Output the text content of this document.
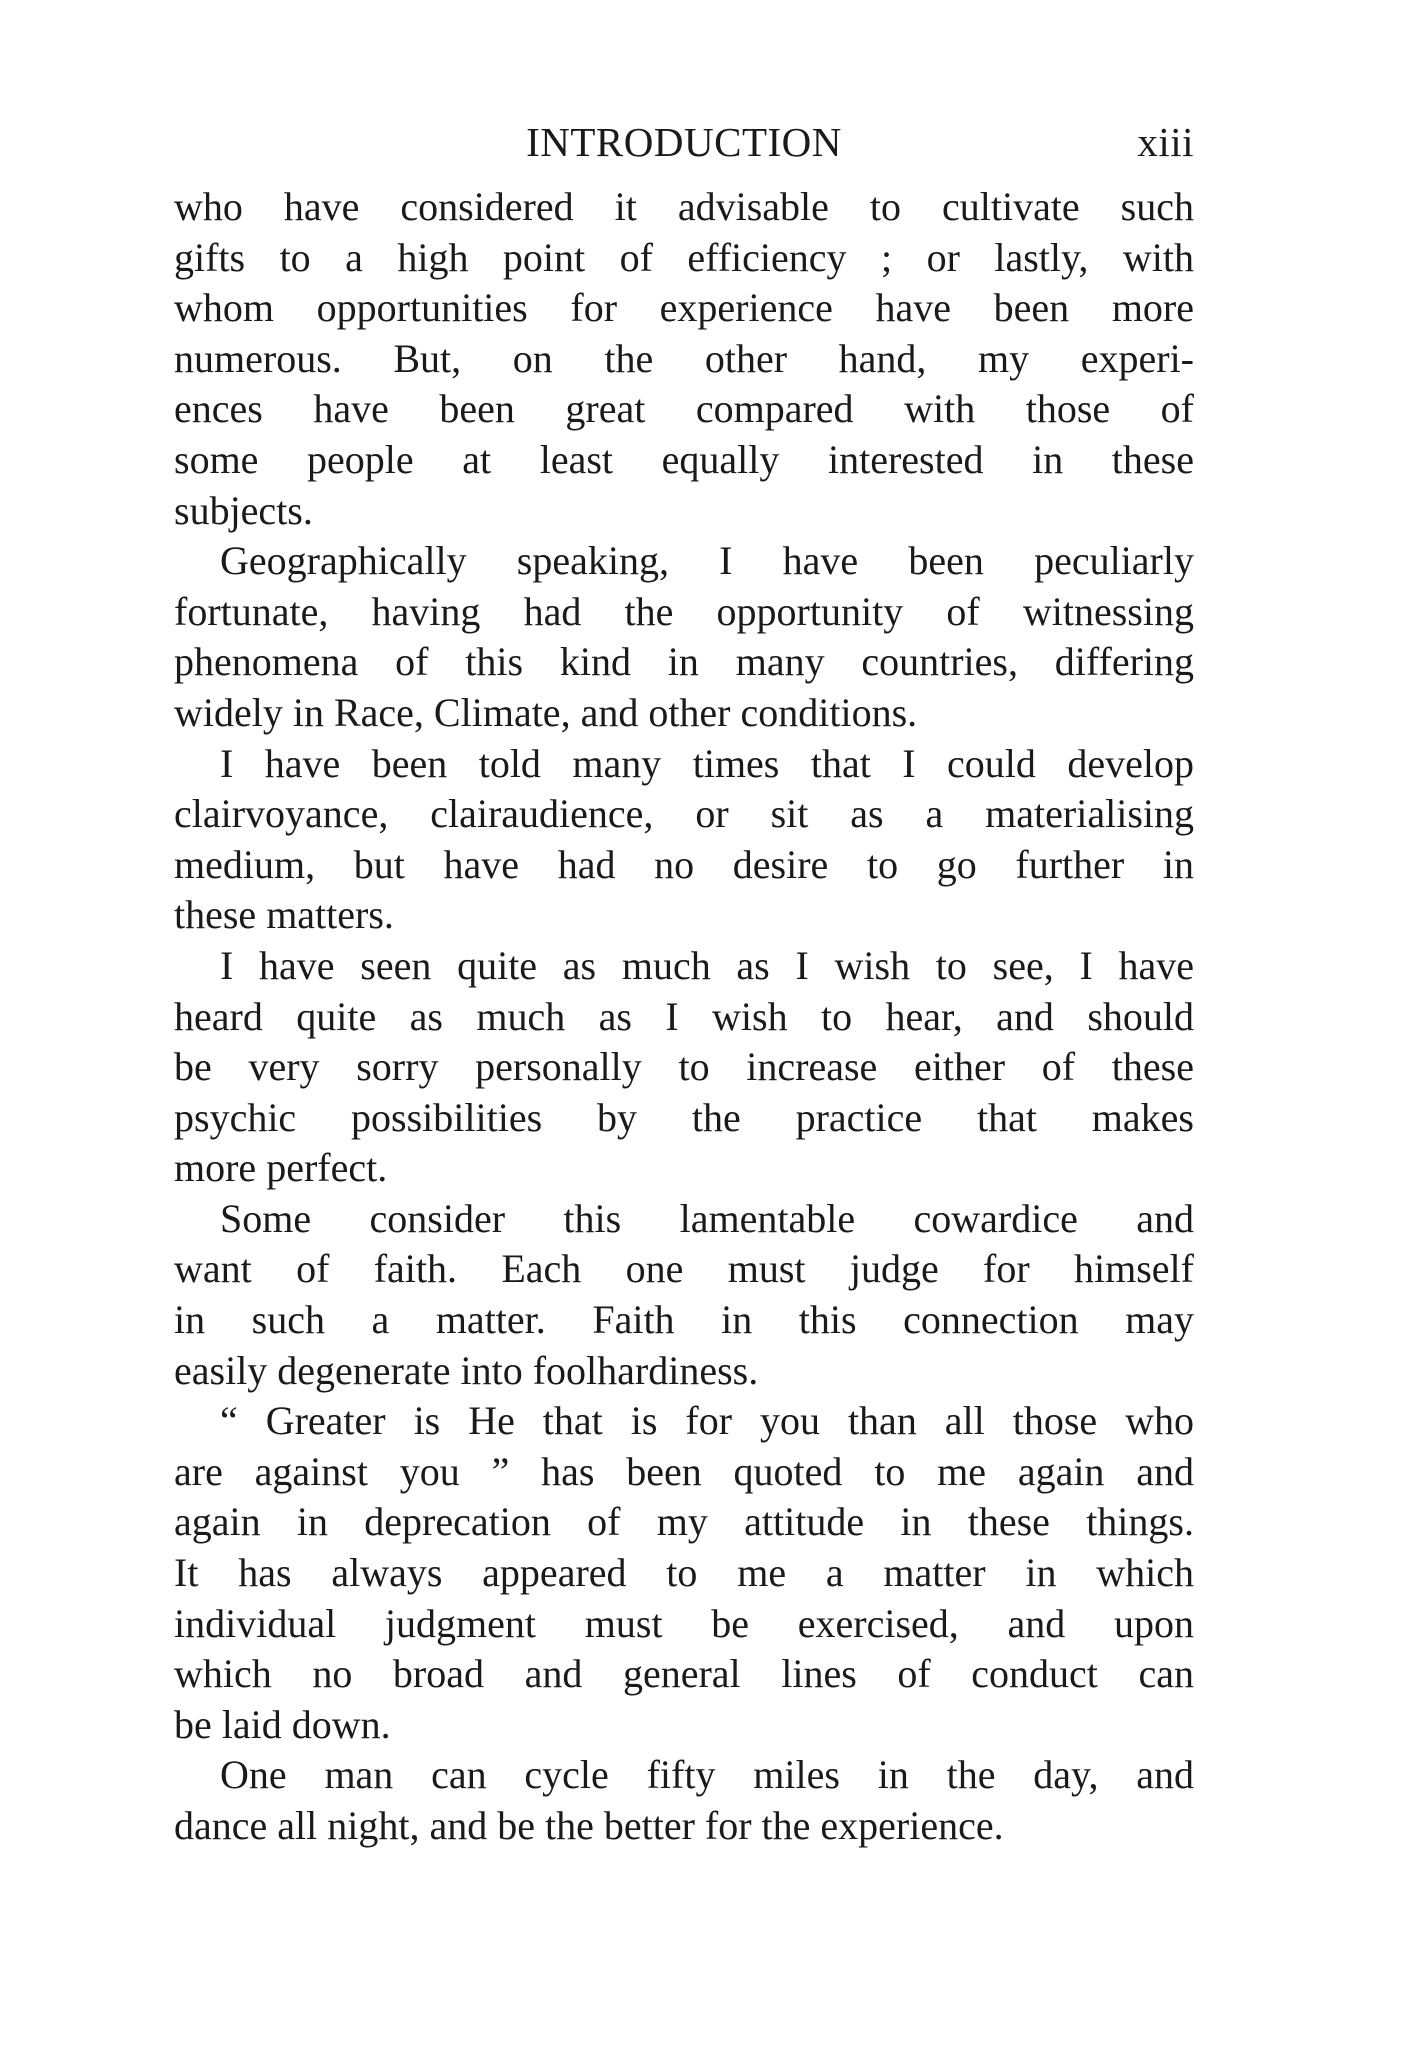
INTRODUCTION	xiii

who have considered it advisable to cultivate such
gifts to a high point of efficiency ; or lastly, with
whom opportunities for experience have been more
numerous. But, on the other hand, my experi-
ences have been great compared with those of
some people at least equally interested in these
subjects.

Geographically speaking, I have been peculiarly
fortunate, having had the opportunity of witnessing
phenomena of this kind in many countries, differing
widely in Race, Climate, and other conditions.

I have been told many times that I could develop
clairvoyance, clairaudience, or sit as a materialising
medium, but have had no desire to go further in
these matters.

I have seen quite as much as I wish to see, I have
heard quite as much as I wish to hear, and should
be very sorry personally to increase either of these
psychic possibilities by the practice that makes
more perfect.

Some consider this lamentable cowardice and
want of faith. Each one must judge for himself
in such a matter. Faith in this connection may
easily degenerate into foolhardiness.

“ Greater is He that is for you than all those who
are against you ” has been quoted to me again and
again in deprecation of my attitude in these things.
It has always appeared to me a matter in which
individual judgment must be exercised, and upon
which no broad and general lines of conduct can
be laid down.

One man can cycle fifty miles in the day, and
dance all night, and be the better for the experience.
